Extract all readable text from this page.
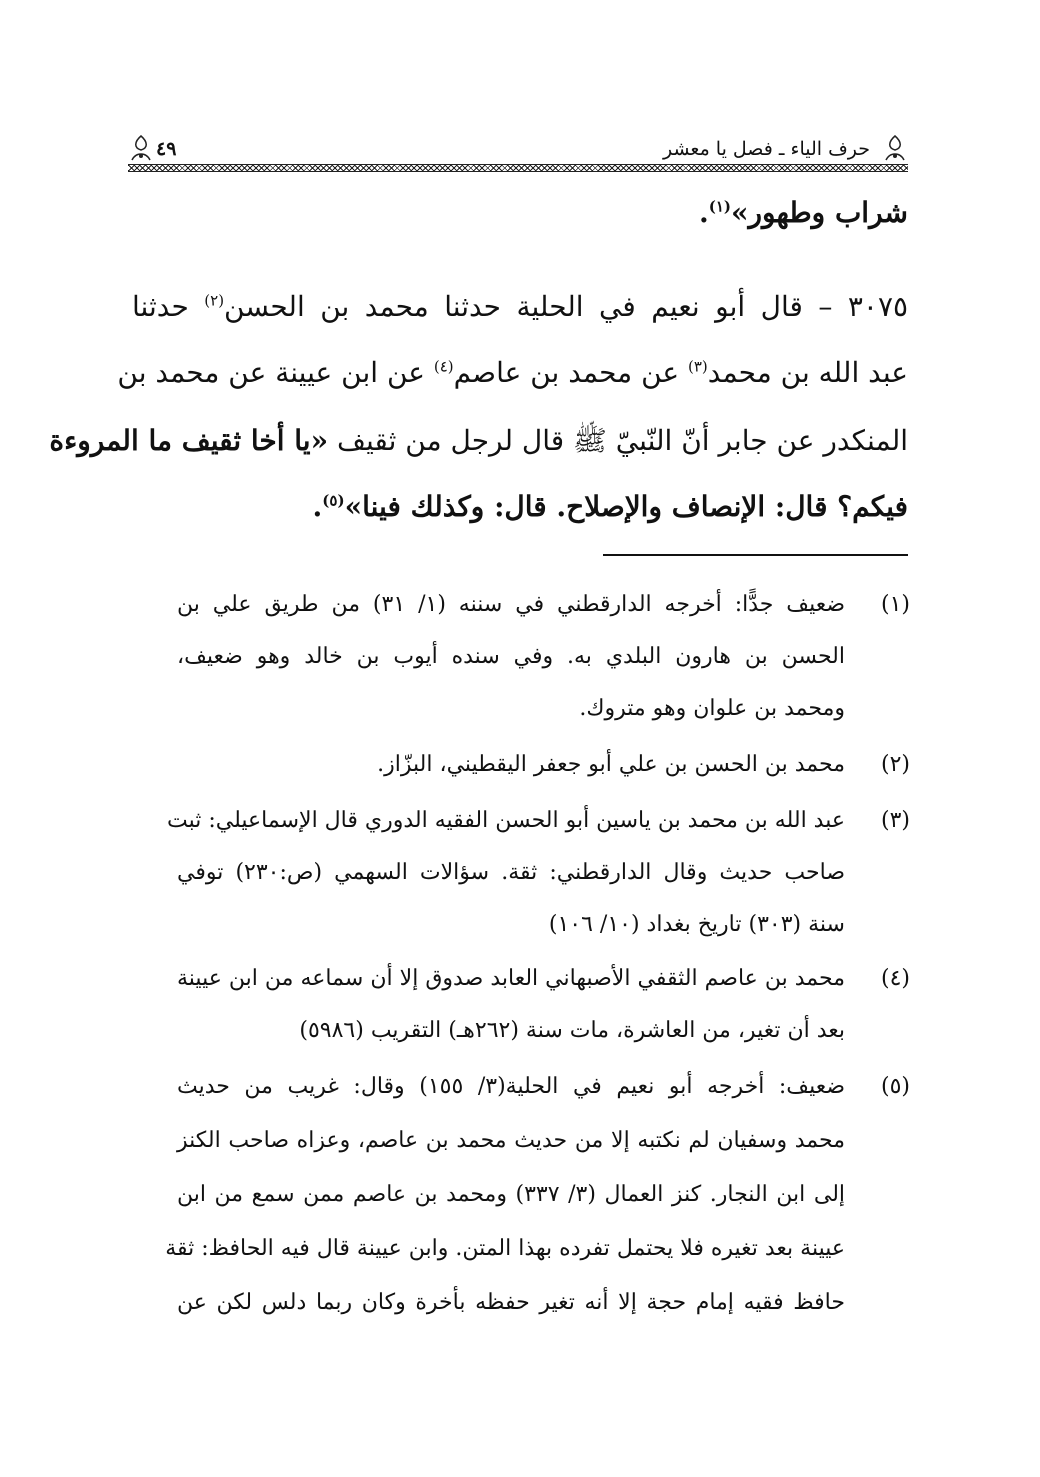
٤٩	حرف الياء ـ فصل يا معشر
شراب وطهور»$^{(١)}$.
٣٠٧٥ – قال أبو نعيم في الحلية حدثنا محمد بن الحسن$^{(٢)}$ حدثنا
عبد الله بن محمد$^{(٣)}$ عن محمد بن عاصم$^{(٤)}$ عن ابن عيينة عن محمد بن
المنكدر عن جابر أنّ النّبيّ ﷺ قال لرجل من ثقيف «يا أخا ثقيف ما المروءة
فيكم؟ قال: الإنصاف والإصلاح. قال: وكذلك فينا»$^{(٥)}$.
(١)
ضعيف جدًّا: أخرجه الدارقطني في سننه (١/ ٣١) من طريق علي بن
الحسن بن هارون البلدي به. وفي سنده أيوب بن خالد وهو ضعيف،
ومحمد بن علوان وهو متروك.
(٢)
محمد بن الحسن بن علي أبو جعفر اليقطيني، البزّاز.
(٣)
عبد الله بن محمد بن ياسين أبو الحسن الفقيه الدوري قال الإسماعيلي: ثبت
صاحب حديث وقال الدارقطني: ثقة. سؤالات السهمي (ص:٢٣٠) توفي
سنة (٣٠٣) تاريخ بغداد (١٠/ ١٠٦)
(٤)
محمد بن عاصم الثقفي الأصبهاني العابد صدوق إلا أن سماعه من ابن عيينة
بعد أن تغير، من العاشرة، مات سنة (٢٦٢هـ) التقريب (٥٩٨٦)
(٥)
ضعيف: أخرجه أبو نعيم في الحلية(٣/ ١٥٥) وقال: غريب من حديث
محمد وسفيان لم نكتبه إلا من حديث محمد بن عاصم، وعزاه صاحب الكنز
إلى ابن النجار. كنز العمال (٣/ ٣٣٧) ومحمد بن عاصم ممن سمع من ابن
عيينة بعد تغيره فلا يحتمل تفرده بهذا المتن. وابن عيينة قال فيه الحافظ: ثقة
حافظ فقيه إمام حجة إلا أنه تغير حفظه بأخرة وكان ربما دلس لكن عن
